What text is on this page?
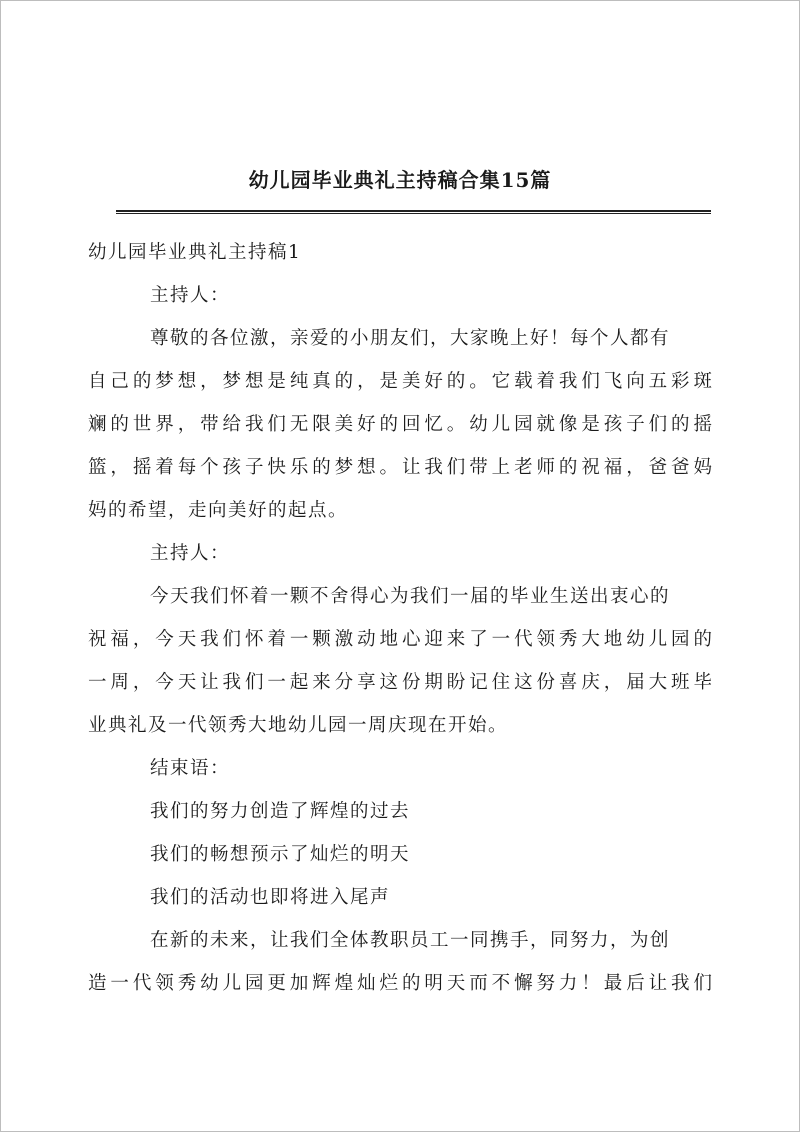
幼儿园毕业典礼主持稿合集15篇
幼儿园毕业典礼主持稿1
主持人：
尊敬的各位激，亲爱的小朋友们，大家晚上好！每个人都有
自己的梦想，梦想是纯真的，是美好的。它载着我们飞向五彩斑
斓的世界，带给我们无限美好的回忆。幼儿园就像是孩子们的摇
篮，摇着每个孩子快乐的梦想。让我们带上老师的祝福，爸爸妈
妈的希望，走向美好的起点。
主持人：
今天我们怀着一颗不舍得心为我们一届的毕业生送出衷心的
祝福，今天我们怀着一颗激动地心迎来了一代领秀大地幼儿园的
一周，今天让我们一起来分享这份期盼记住这份喜庆，届大班毕
业典礼及一代领秀大地幼儿园一周庆现在开始。
结束语：
我们的努力创造了辉煌的过去
我们的畅想预示了灿烂的明天
我们的活动也即将进入尾声
在新的未来，让我们全体教职员工一同携手，同努力，为创
造一代领秀幼儿园更加辉煌灿烂的明天而不懈努力！最后让我们
